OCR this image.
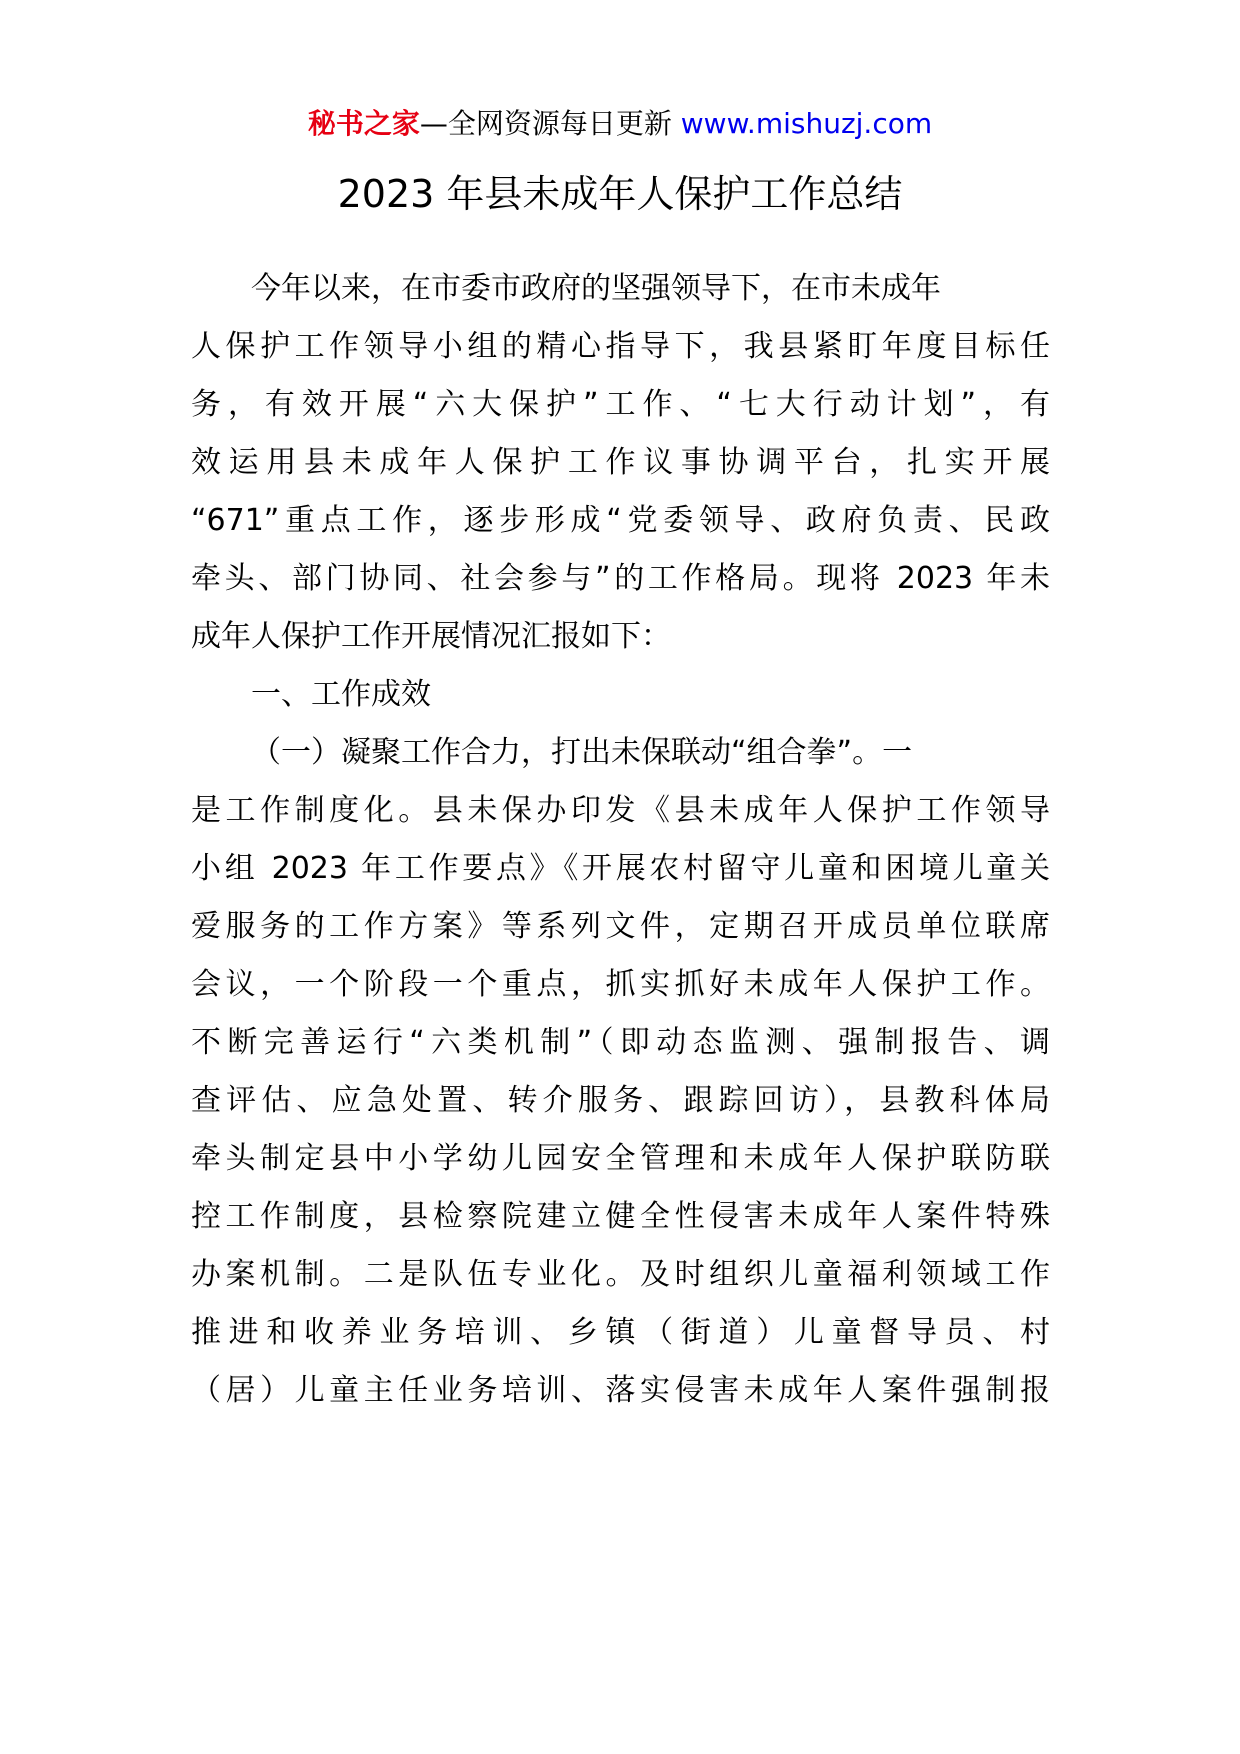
秘书之家—全网资源每日更新 www.mishuzj.com
2023 年县未成年人保护工作总结
今年以来，在市委市政府的坚强领导下，在市未成年
人保护工作领导小组的精心指导下，我县紧盯年度目标任
务，有效开展“六大保护”工作、“七大行动计划”，有
效运用县未成年人保护工作议事协调平台，扎实开展
“671”重点工作，逐步形成“党委领导、政府负责、民政
牵头、部门协同、社会参与”的工作格局。现将 2023 年未
成年人保护工作开展情况汇报如下：
一、工作成效
（一）凝聚工作合力，打出未保联动“组合拳”。一
是工作制度化。县未保办印发《县未成年人保护工作领导
小组 2023 年工作要点》《开展农村留守儿童和困境儿童关
爱服务的工作方案》等系列文件，定期召开成员单位联席
会议，一个阶段一个重点，抓实抓好未成年人保护工作。
不断完善运行“六类机制”（即动态监测、强制报告、调
查评估、应急处置、转介服务、跟踪回访），县教科体局
牵头制定县中小学幼儿园安全管理和未成年人保护联防联
控工作制度，县检察院建立健全性侵害未成年人案件特殊
办案机制。二是队伍专业化。及时组织儿童福利领域工作
推进和收养业务培训、乡镇（街道）儿童督导员、村
（居）儿童主任业务培训、落实侵害未成年人案件强制报
